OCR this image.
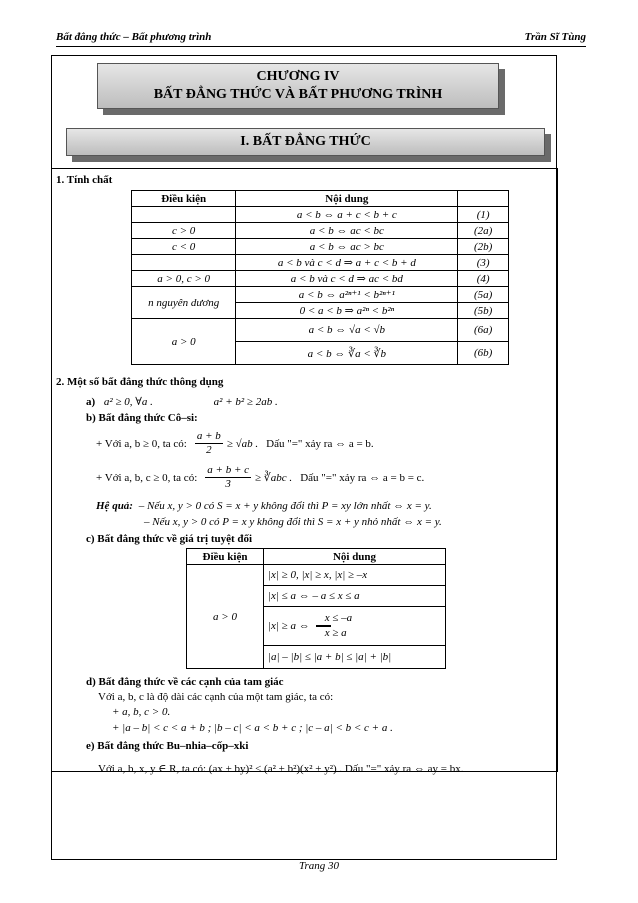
Bất đẳng thức – Bất phương trình	Trần Sĩ Tùng
CHƯƠNG IV
BẤT ĐẲNG THỨC VÀ BẤT PHƯƠNG TRÌNH
I. BẤT ĐẲNG THỨC
1. Tính chất
Điều kiện	Nội dung	
	a < b ⇔ a + c < b + c	(1)
c > 0	a < b ⇔ ac < bc	(2a)
c < 0	a < b ⇔ ac > bc	(2b)
	a < b và c < d ⇒ a + c < b + d	(3)
a > 0, c > 0	a < b và c < d ⇒ ac < bd	(4)
n nguyên dương	a < b ⇔ a²ⁿ⁺¹ < b²ⁿ⁺¹	(5a)
	0 < a < b ⇒ a²ⁿ < b²ⁿ	(5b)
a > 0	a < b ⇔ √a < √b	(6a)
	a < b ⇔ ∛a < ∛b	(6b)
2. Một số bất đẳng thức thông dụng
a) a² ≥ 0, ∀a .	a² + b² ≥ 2ab .
b) Bất đẳng thức Cô–si:
+ Với a, b ≥ 0, ta có: $\frac{a + b}{2} \ge √ab$ . Dấu "=" xảy ra ⇔ a = b.
+ Với a, b, c ≥ 0, ta có: $\frac{a + b + c}{3}$ ≥ ∛abc . Dấu "=" xảy ra ⇔ a = b = c.
Hệ quả: – Nếu x, y > 0 có S = x + y không đổi thì P = xy lớn nhất ⇔ x = y.
– Nếu x, y > 0 có P = x y không đổi thì S = x + y nhỏ nhất ⇔ x = y.
c) Bất đẳng thức về giá trị tuyệt đối
Điều kiện	Nội dung
a > 0	|x| ≥ 0, |x| ≥ x, |x| ≥ –x
	|x| ≤ a ⇔ – a ≤ x ≤ a

	|x| ≥ a ⇔
x ≤ –a
x ≥ a

	|a| – |b| ≤ |a + b| ≤ |a| + |b|
d) Bất đẳng thức về các cạnh của tam giác
Với a, b, c là độ dài các cạnh của một tam giác, ta có:
+ a, b, c > 0.
+ |a – b| < c < a + b ; |b – c| < a < b + c ; |c – a| < b < c + a .
e) Bất đẳng thức Bu–nhia–cốp–xki
Với a, b, x, y ∈ R, ta có: (ax + by)² ≤ (a² + b²)(x² + y²) . Dấu "=" xảy ra ⇔ ay = bx.
Trang 30
